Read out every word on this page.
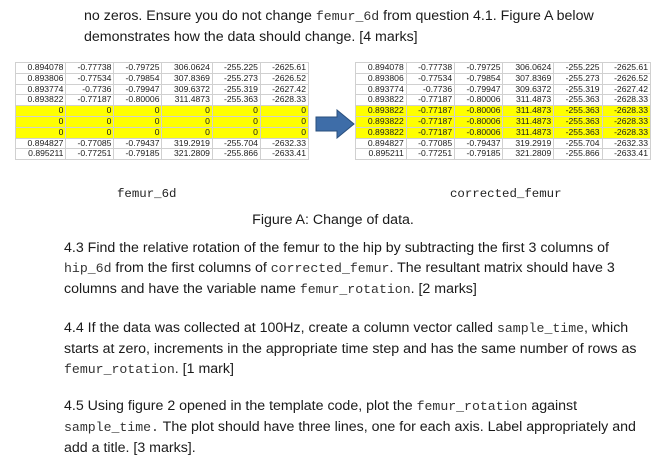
no zeros. Ensure you do not change femur_6d from question 4.1. Figure A below demonstrates how the data should change. [4 marks]
0.894078	-0.77738	-0.79725	306.0624	-255.225	-2625.61
0.893806	-0.77534	-0.79854	307.8369	-255.273	-2626.52
0.893774	-0.7736	-0.79947	309.6372	-255.319	-2627.42
0.893822	-0.77187	-0.80006	311.4873	-255.363	-2628.33
0	0	0	0	0	0
0	0	0	0	0	0
0	0	0	0	0	0
0.894827	-0.77085	-0.79437	319.2919	-255.704	-2632.33
0.895211	-0.77251	-0.79185	321.2809	-255.866	-2633.41
0.894078	-0.77738	-0.79725	306.0624	-255.225	-2625.61
0.893806	-0.77534	-0.79854	307.8369	-255.273	-2626.52
0.893774	-0.7736	-0.79947	309.6372	-255.319	-2627.42
0.893822	-0.77187	-0.80006	311.4873	-255.363	-2628.33
0.893822	-0.77187	-0.80006	311.4873	-255.363	-2628.33
0.893822	-0.77187	-0.80006	311.4873	-255.363	-2628.33
0.893822	-0.77187	-0.80006	311.4873	-255.363	-2628.33
0.894827	-0.77085	-0.79437	319.2919	-255.704	-2632.33
0.895211	-0.77251	-0.79185	321.2809	-255.866	-2633.41
femur_6d	corrected_femur
Figure A: Change of data.
4.3 Find the relative rotation of the femur to the hip by subtracting the first 3 columns of hip_6d from the first columns of corrected_femur. The resultant matrix should have 3 columns and have the variable name femur_rotation. [2 marks]
4.4 If the data was collected at 100Hz, create a column vector called sample_time, which starts at zero, increments in the appropriate time step and has the same number of rows as femur_rotation. [1 mark]
4.5 Using figure 2 opened in the template code, plot the femur_rotation against sample_time. The plot should have three lines, one for each axis. Label appropriately and add a title. [3 marks].
